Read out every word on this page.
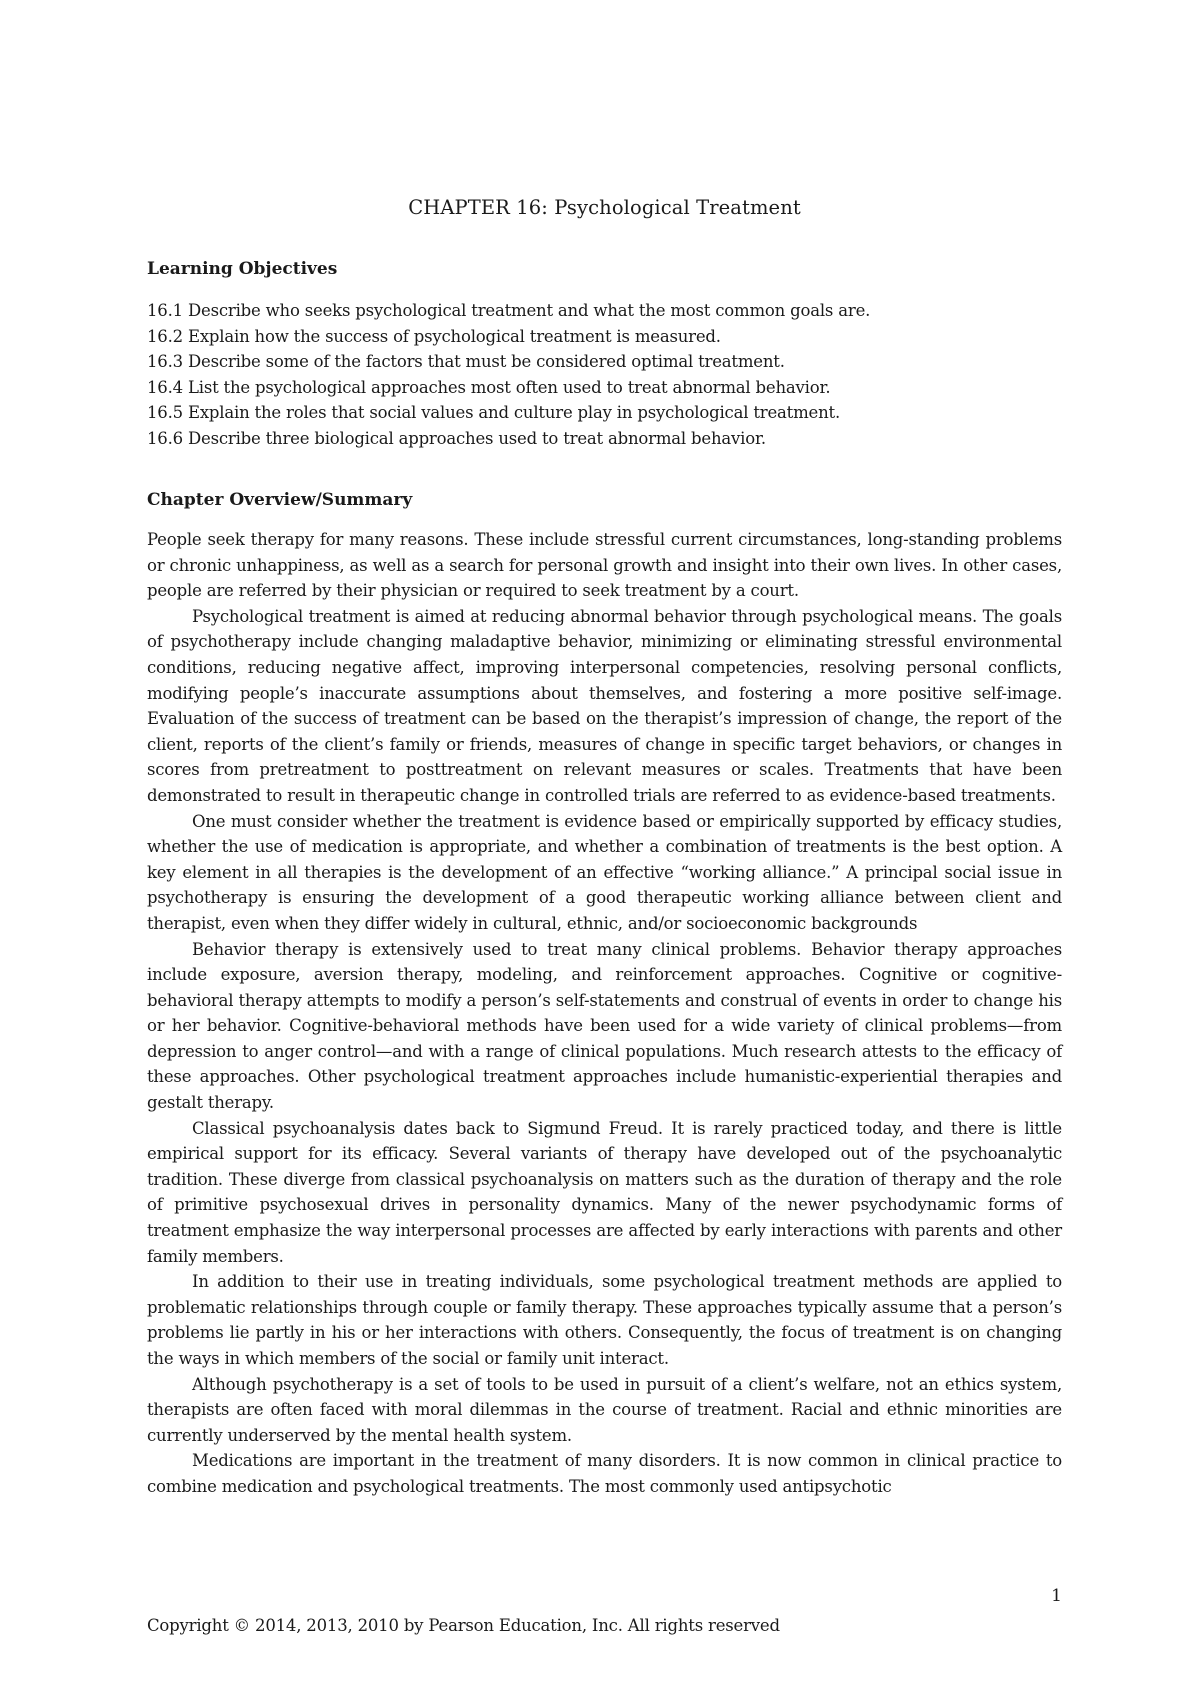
CHAPTER 16: Psychological Treatment
Learning Objectives
16.1 Describe who seeks psychological treatment and what the most common goals are.
16.2 Explain how the success of psychological treatment is measured.
16.3 Describe some of the factors that must be considered optimal treatment.
16.4 List the psychological approaches most often used to treat abnormal behavior.
16.5 Explain the roles that social values and culture play in psychological treatment.
16.6 Describe three biological approaches used to treat abnormal behavior.
Chapter Overview/Summary

People seek therapy for many reasons. These include stressful current circumstances, long-standing problems or chronic unhappiness, as well as a search for personal growth and insight into their own lives. In other cases, people are referred by their physician or required to seek treatment by a court.

Psychological treatment is aimed at reducing abnormal behavior through psychological means. The goals of psychotherapy include changing maladaptive behavior, minimizing or eliminating stressful environmental conditions, reducing negative affect, improving interpersonal competencies, resolving personal conflicts, modifying people’s inaccurate assumptions about themselves, and fostering a more positive self-image. Evaluation of the success of treatment can be based on the therapist’s impression of change, the report of the client, reports of the client’s family or friends, measures of change in specific target behaviors, or changes in scores from pretreatment to posttreatment on relevant measures or scales. Treatments that have been demonstrated to result in therapeutic change in controlled trials are referred to as evidence-based treatments.

One must consider whether the treatment is evidence based or empirically supported by efficacy studies, whether the use of medication is appropriate, and whether a combination of treatments is the best option. A key element in all therapies is the development of an effective “working alliance.” A principal social issue in psychotherapy is ensuring the development of a good therapeutic working alliance between client and therapist, even when they differ widely in cultural, ethnic, and/or socioeconomic backgrounds

Behavior therapy is extensively used to treat many clinical problems. Behavior therapy approaches include exposure, aversion therapy, modeling, and reinforcement approaches. Cognitive or cognitive-behavioral therapy attempts to modify a person’s self-statements and construal of events in order to change his or her behavior. Cognitive-behavioral methods have been used for a wide variety of clinical problems—from depression to anger control—and with a range of clinical populations. Much research attests to the efficacy of these approaches. Other psychological treatment approaches include humanistic-experiential therapies and gestalt therapy.

Classical psychoanalysis dates back to Sigmund Freud. It is rarely practiced today, and there is little empirical support for its efficacy. Several variants of therapy have developed out of the psychoanalytic tradition. These diverge from classical psychoanalysis on matters such as the duration of therapy and the role of primitive psychosexual drives in personality dynamics. Many of the newer psychodynamic forms of treatment emphasize the way interpersonal processes are affected by early interactions with parents and other family members.

In addition to their use in treating individuals, some psychological treatment methods are applied to problematic relationships through couple or family therapy. These approaches typically assume that a person’s problems lie partly in his or her interactions with others. Consequently, the focus of treatment is on changing the ways in which members of the social or family unit interact.

Although psychotherapy is a set of tools to be used in pursuit of a client’s welfare, not an ethics system, therapists are often faced with moral dilemmas in the course of treatment. Racial and ethnic minorities are currently underserved by the mental health system.

Medications are important in the treatment of many disorders. It is now common in clinical practice to combine medication and psychological treatments. The most commonly used antipsychotic

1
Copyright © 2014, 2013, 2010 by Pearson Education, Inc. All rights reserved
